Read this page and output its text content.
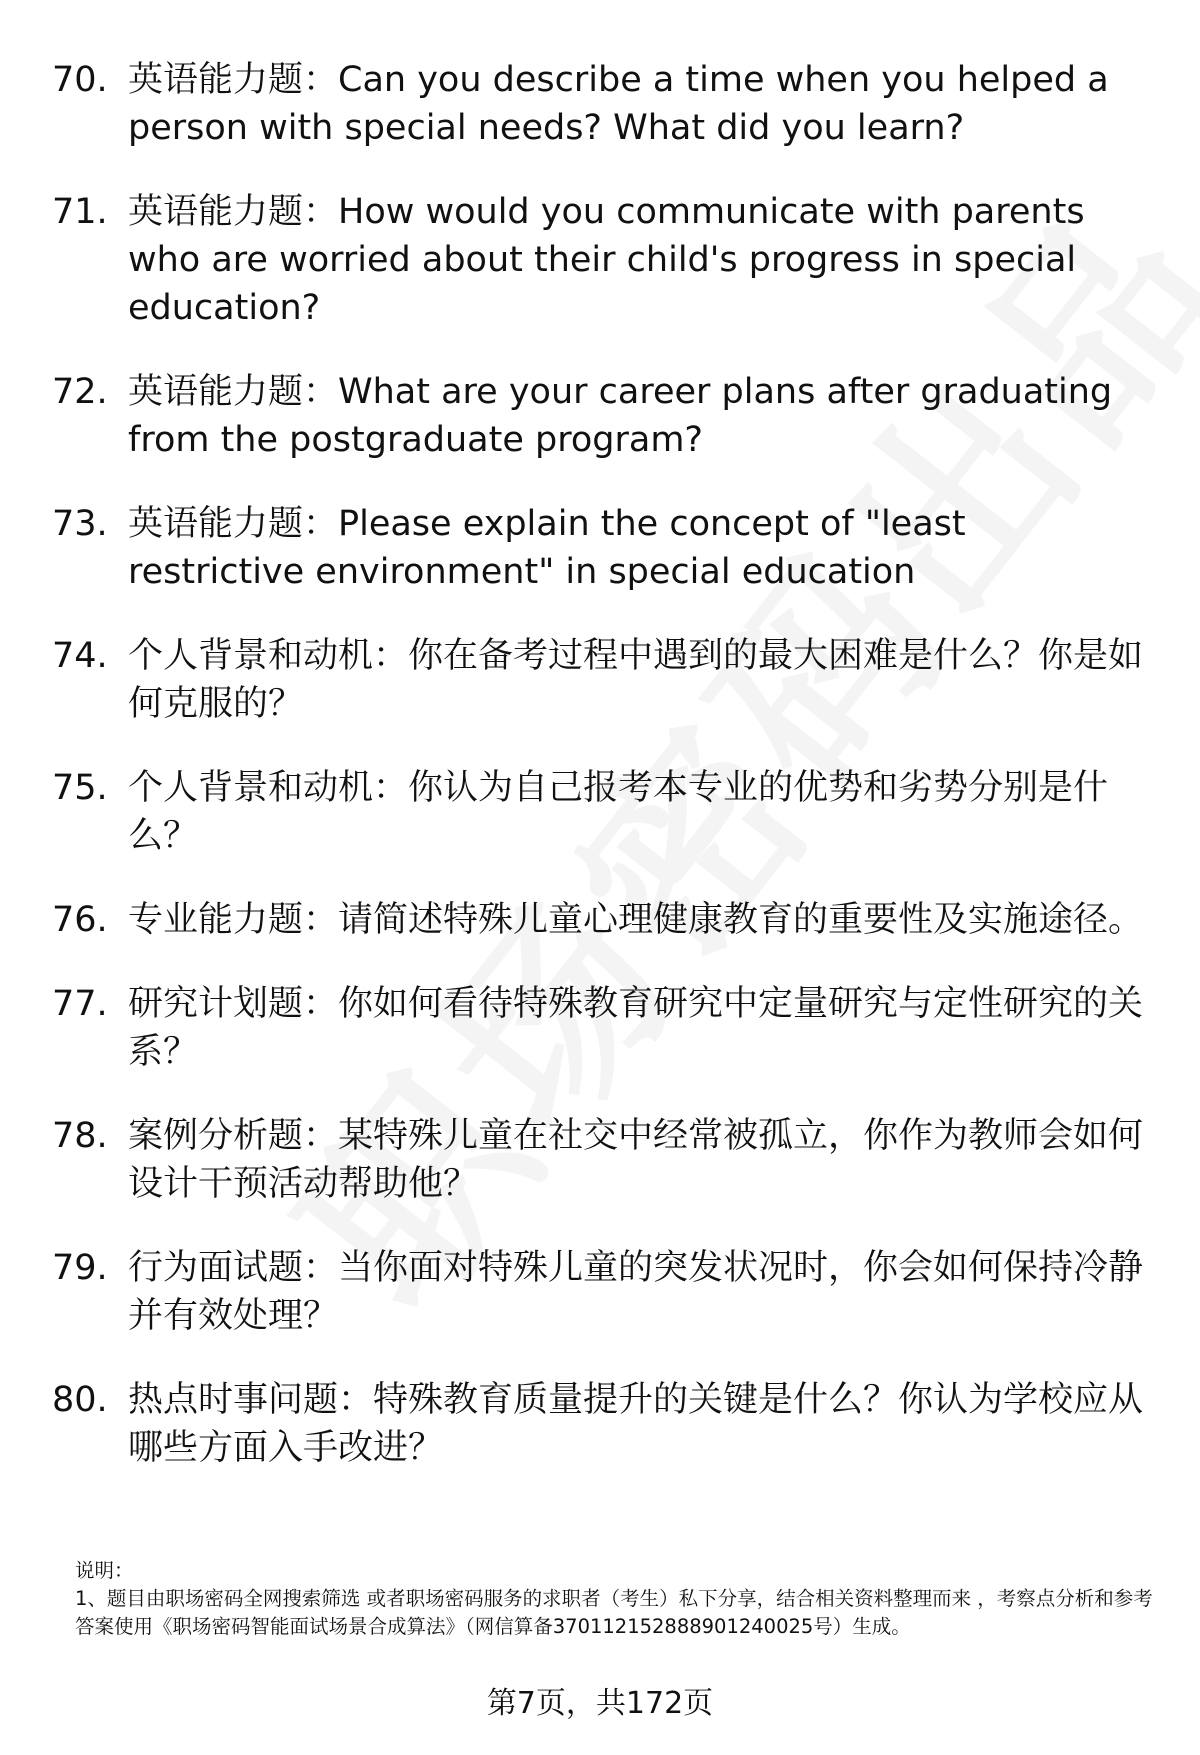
70. 英语能力题：Can you describe a time when you helped a person with special needs? What did you learn?
71. 英语能力题：How would you communicate with parents who are worried about their child's progress in special education?
72. 英语能力题：What are your career plans after graduating from the postgraduate program?
73. 英语能力题：Please explain the concept of "least restrictive environment" in special education
74. 个人背景和动机：你在备考过程中遇到的最大困难是什么？你是如何克服的？
75. 个人背景和动机：你认为自己报考本专业的优势和劣势分别是什么？
76. 专业能力题：请简述特殊儿童心理健康教育的重要性及实施途径。
77. 研究计划题：你如何看待特殊教育研究中定量研究与定性研究的关系？
78. 案例分析题：某特殊儿童在社交中经常被孤立，你作为教师会如何设计干预活动帮助他？
79. 行为面试题：当你面对特殊儿童的突发状况时，你会如何保持冷静并有效处理？
80. 热点时事问题：特殊教育质量提升的关键是什么？你认为学校应从哪些方面入手改进？
说明：
1、题目由职场密码全网搜索筛选 或者职场密码服务的求职者（考生）私下分享，结合相关资料整理而来 ，考察点分析和参考答案使用《职场密码智能面试场景合成算法》（网信算备370112152888901240025号）生成。
第7页，共172页
